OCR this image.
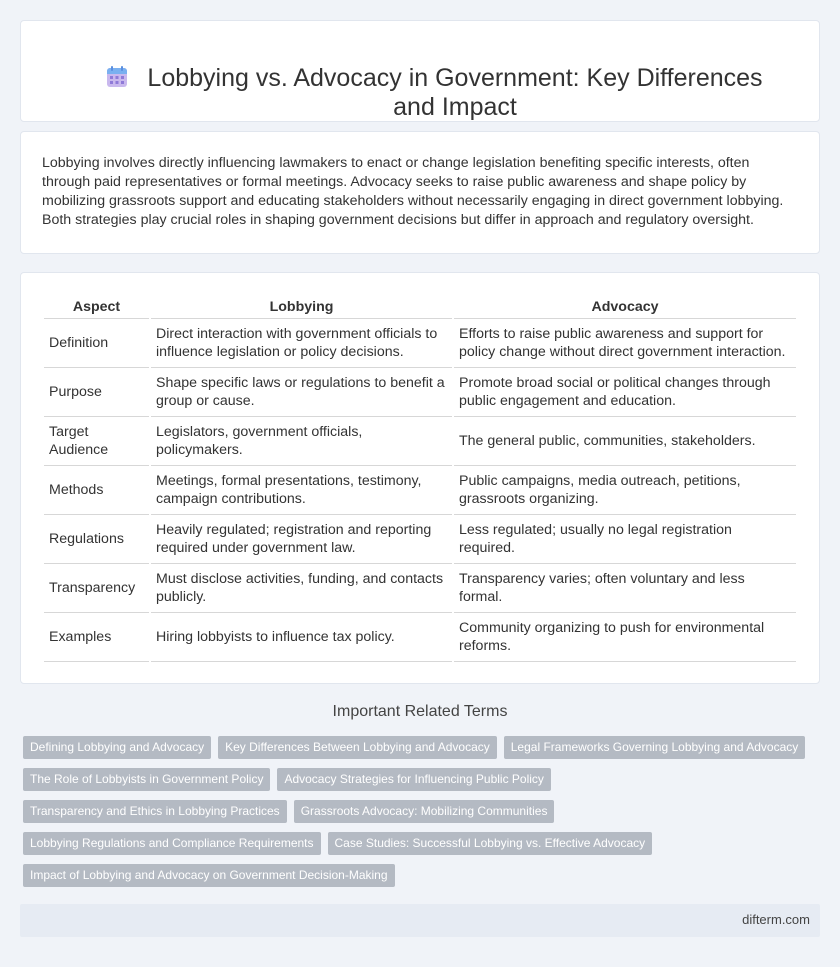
Lobbying vs. Advocacy in Government: Key Differences and Impact

Lobbying involves directly influencing lawmakers to enact or change legislation benefiting specific interests, often through paid representatives or formal meetings. Advocacy seeks to raise public awareness and shape policy by mobilizing grassroots support and educating stakeholders without necessarily engaging in direct government lobbying. Both strategies play crucial roles in shaping government decisions but differ in approach and regulatory oversight.

Aspect	Lobbying	Advocacy
Definition	Direct interaction with government officials to influence legislation or policy decisions.	Efforts to raise public awareness and support for policy change without direct government interaction.
Purpose	Shape specific laws or regulations to benefit a group or cause.	Promote broad social or political changes through public engagement and education.
Target Audience	Legislators, government officials, policymakers.	The general public, communities, stakeholders.
Methods	Meetings, formal presentations, testimony, campaign contributions.	Public campaigns, media outreach, petitions, grassroots organizing.
Regulations	Heavily regulated; registration and reporting required under government law.	Less regulated; usually no legal registration required.
Transparency	Must disclose activities, funding, and contacts publicly.	Transparency varies; often voluntary and less formal.
Examples	Hiring lobbyists to influence tax policy.	Community organizing to push for environmental reforms.
Important Related Terms
Defining Lobbying and Advocacy	Key Differences Between Lobbying and Advocacy	Legal Frameworks Governing Lobbying and Advocacy
The Role of Lobbyists in Government Policy	Advocacy Strategies for Influencing Public Policy
Transparency and Ethics in Lobbying Practices	Grassroots Advocacy: Mobilizing Communities
Lobbying Regulations and Compliance Requirements	Case Studies: Successful Lobbying vs. Effective Advocacy
Impact of Lobbying and Advocacy on Government Decision-Making
difterm.com
